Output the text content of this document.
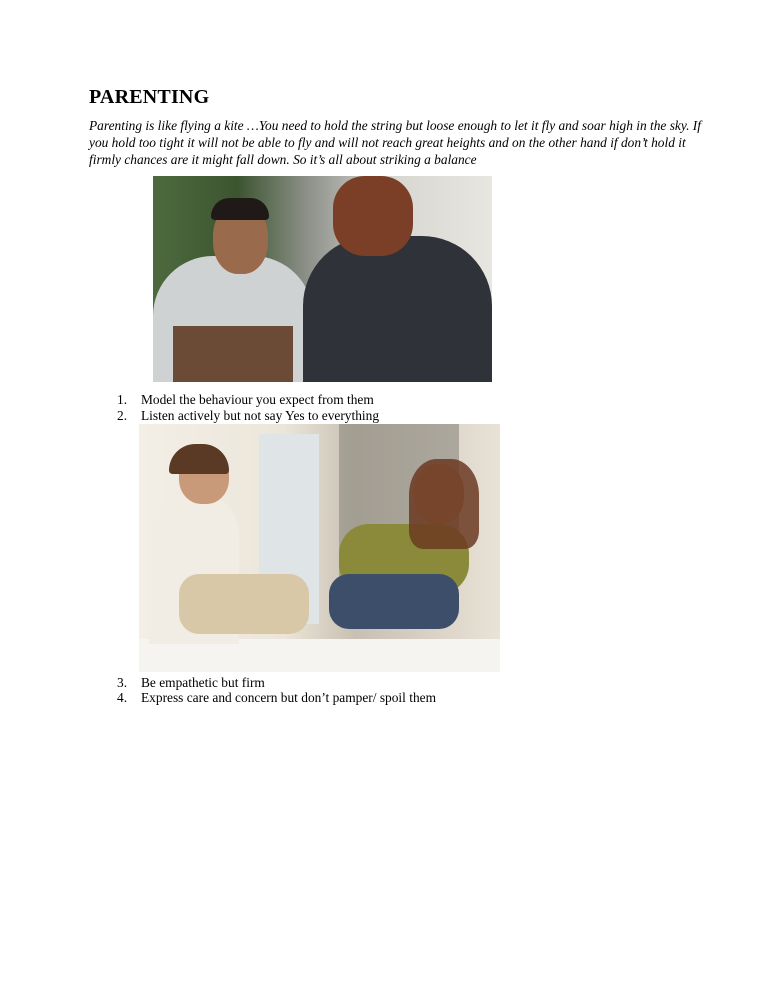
PARENTING
Parenting is like flying a kite …You need to hold the string but loose enough to let it fly and soar high in the sky. If you hold too tight it will not be able to fly and will not reach great heights and on the other hand if don’t hold it firmly chances are it might fall down. So it’s all about striking a balance
1.	Model the behaviour you expect from them
2.	Listen actively but not say Yes to everything
3.	Be empathetic but firm
4.	Express care and concern but don’t pamper/ spoil them
